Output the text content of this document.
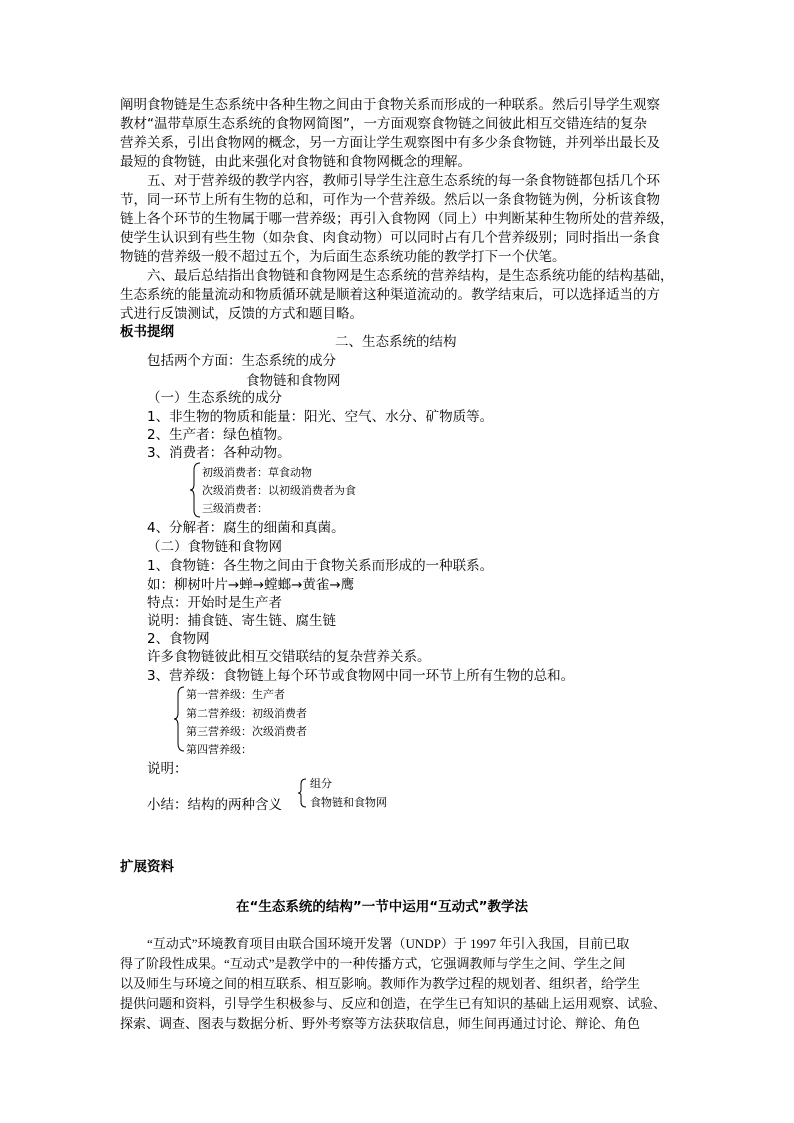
阐明食物链是生态系统中各种生物之间由于食物关系而形成的一种联系。然后引导学生观察
教材“温带草原生态系统的食物网简图”，一方面观察食物链之间彼此相互交错连结的复杂
营养关系，引出食物网的概念，另一方面让学生观察图中有多少条食物链，并列举出最长及
最短的食物链，由此来强化对食物链和食物网概念的理解。
五、对于营养级的教学内容，教师引导学生注意生态系统的每一条食物链都包括几个环
节，同一环节上所有生物的总和，可作为一个营养级。然后以一条食物链为例，分析该食物
链上各个环节的生物属于哪一营养级；再引入食物网（同上）中判断某种生物所处的营养级，
使学生认识到有些生物（如杂食、肉食动物）可以同时占有几个营养级别；同时指出一条食
物链的营养级一般不超过五个，为后面生态系统功能的教学打下一个伏笔。
六、最后总结指出食物链和食物网是生态系统的营养结构，是生态系统功能的结构基础，
生态系统的能量流动和物质循环就是顺着这种渠道流动的。教学结束后，可以选择适当的方
式进行反馈测试，反馈的方式和题目略。
板书提纲
二、生态系统的结构
包括两个方面：生态系统的成分
食物链和食物网
（一）生态系统的成分
1、非生物的物质和能量：阳光、空气、水分、矿物质等。
2、生产者：绿色植物。
3、消费者：各种动物。
初级消费者：草食动物
次级消费者：以初级消费者为食
三级消费者：
4、分解者：腐生的细菌和真菌。
（二）食物链和食物网
1、食物链：各生物之间由于食物关系而形成的一种联系。
如：柳树叶片→蝉→螳螂→黄雀→鹰
特点：开始时是生产者
说明：捕食链、寄生链、腐生链
2、食物网
许多食物链彼此相互交错联结的复杂营养关系。
3、营养级：食物链上每个环节或食物网中同一环节上所有生物的总和。
第一营养级：生产者
第二营养级：初级消费者
第三营养级：次级消费者
第四营养级：
说明：
组分
食物链和食物网
小结：结构的两种含义
扩展资料
在“生态系统的结构”一节中运用“互动式”教学法
“互动式”环境教育项目由联合国环境开发署（UNDP）于 1997 年引入我国，目前已取
得了阶段性成果。“互动式”是教学中的一种传播方式，它强调教师与学生之间、学生之间
以及师生与环境之间的相互联系、相互影响。教师作为教学过程的规划者、组织者，给学生
提供问题和资料，引导学生积极参与、反应和创造，在学生已有知识的基础上运用观察、试验、
探索、调查、图表与数据分析、野外考察等方法获取信息，师生间再通过讨论、辩论、角色
